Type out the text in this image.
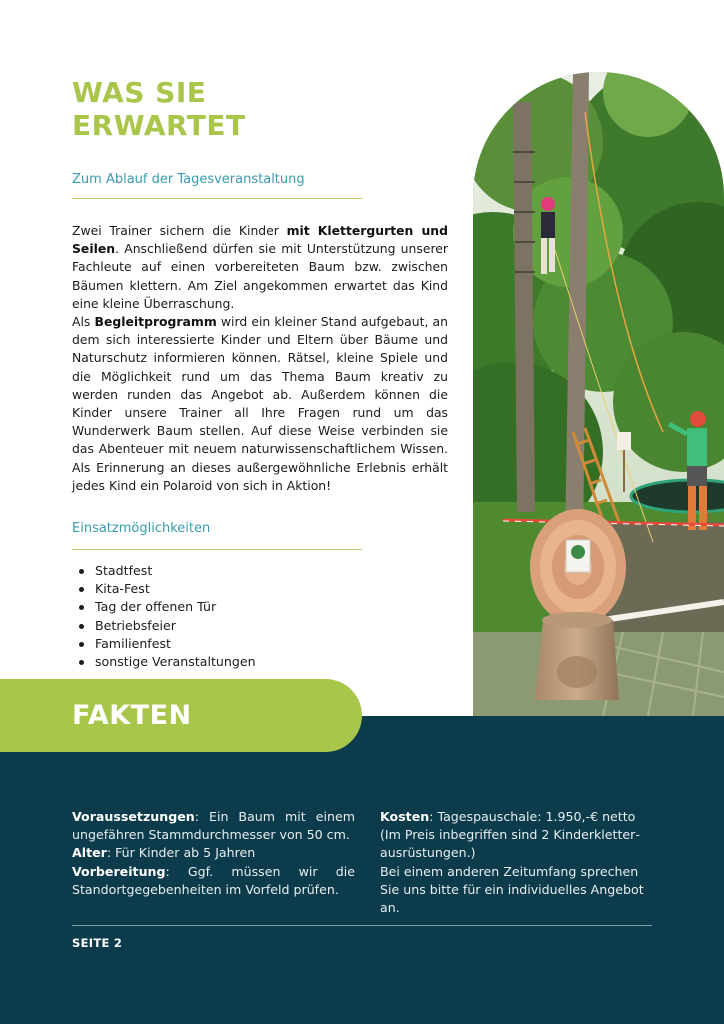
WAS SIE ERWARTET
Zum Ablauf der Tagesveranstaltung

Zwei Trainer sichern die Kinder mit Klettergurten und Seilen. Anschließend dürfen sie mit Unterstützung unserer Fachleute auf einen vorbereiteten Baum bzw. zwischen Bäumen klettern. Am Ziel angekommen erwartet das Kind eine kleine Überraschung.

Als Begleitprogramm wird ein kleiner Stand aufgebaut, an dem sich interessierte Kinder und Eltern über Bäume und Naturschutz informieren können. Rätsel, kleine Spiele und die Möglichkeit rund um das Thema Baum kreativ zu werden runden das Angebot ab. Außerdem können die Kinder unsere Trainer all Ihre Fragen rund um das Wunderwerk Baum stellen. Auf diese Weise verbinden sie das Abenteuer mit neuem naturwissenschaftlichem Wissen. Als Erinnerung an dieses außergewöhnliche Erlebnis erhält jedes Kind ein Polaroid von sich in Aktion!

Einsatzmöglichkeiten
Stadtfest
Kita-Fest
Tag der offenen Tür
Betriebsfeier
Familienfest
sonstige Veranstaltungen
FAKTEN

Voraussetzungen: Ein Baum mit einem ungefähren Stammdurchmesser von 50 cm.

Alter: Für Kinder ab 5 Jahren

Vorbereitung: Ggf. müssen wir die Standortgegebenheiten im Vorfeld prüfen.

Kosten: Tagespauschale: 1.950,-€ netto

(Im Preis inbegriffen sind 2 Kinderkletterausrüstungen.)

Bei einem anderen Zeitumfang sprechen Sie uns bitte für ein individuelles Angebot an.

SEITE 2
